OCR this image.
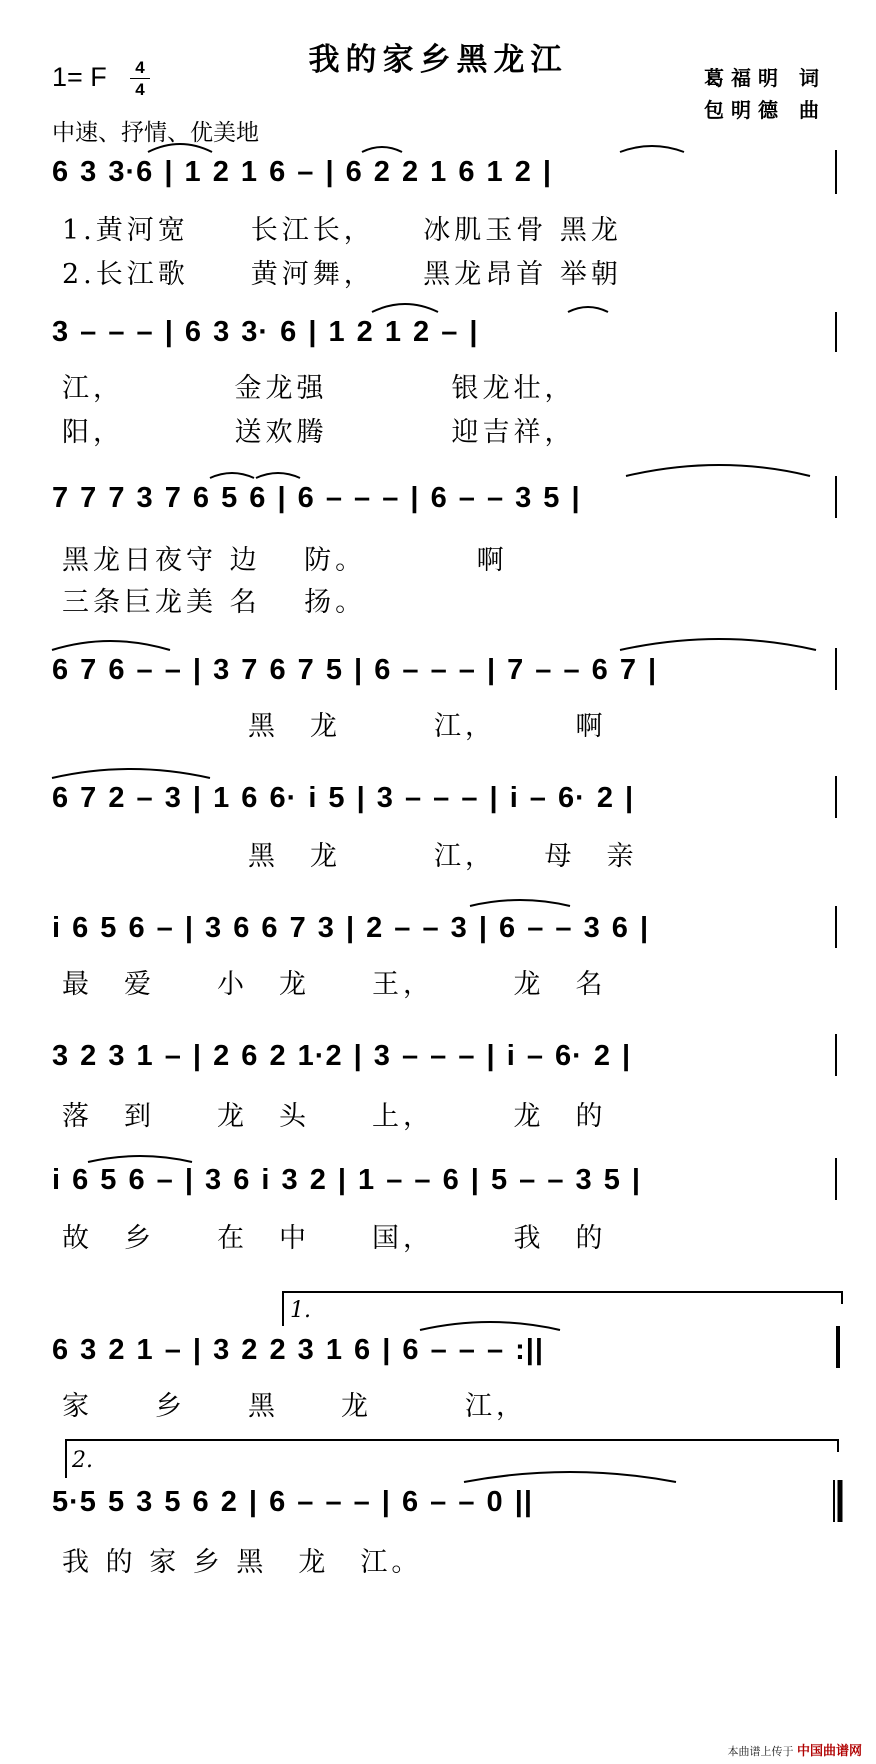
我的家乡黑龙江
1= F	4
4
中速、抒情、优美地
葛福明 词
包明德 曲
6 3 3·6 | 1 2 1 6 – | 6 2 2 1 6 1 2 |
1.黄河宽　　长江长，　　冰肌玉骨 黑龙
2.长江歌　　黄河舞，　　黑龙昂首 举朝
3 – – – | 6 3 3· 6 | 1 2 1 2 – |
江，　　　　金龙强　　　　银龙壮，
阳，　　　　送欢腾　　　　迎吉祥，
7 7 7 3 7 6 5 6 | 6 – – – | 6 – – 3 5 |
黑龙日夜守 边　 防。　　　　啊
三条巨龙美 名　 扬。
6 7 6 – – | 3 7 6 7 5 | 6 – – – | 7 – – 6 7 |
　　　　　　黑　龙　　　江，　　　啊
6 7 2 – 3 | 1 6 6· i 5 | 3 – – – | i – 6· 2 |
　　　　　　黑　龙　　　江，　　母　亲
i 6 5 6 – | 3 6 6 7 3 | 2 – – 3 | 6 – – 3 6 |
最　爱　　小　龙　　王，　　　龙　名
3 2 3 1 – | 2 6 2 1·2 | 3 – – – | i – 6· 2 |
落　到　　龙　头　　上，　　　龙　的
i 6 5 6 – | 3 6 i 3 2 | 1 – – 6 | 5 – – 3 5 |
故　乡　　在　中　　国，　　　我　的
1.
6 3 2 1 – | 3 2 2 3 1 6 | 6 – – – :||
家　　乡　　黑　　龙　　　江，
2.
5·5 5 3 5 6 2 | 6 – – – | 6 – – 0 ||
我 的 家 乡 黑　龙　江。
本曲谱上传于 中国曲谱网
